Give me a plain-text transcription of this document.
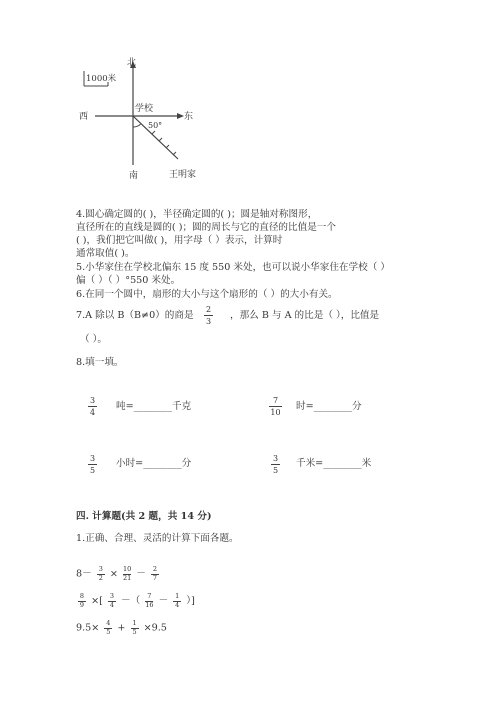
1000米
北
西	东
南
学校
50°
王明家
4.圆心确定圆的( )，半径确定圆的( )；圆是轴对称图形，
直径所在的直线是圆的( )；圆的周长与它的直径的比值是一个
( )，我们把它叫做( )，用字母（ ）表示，计算时
通常取值( )。
5.小华家住在学校北偏东 15 度 550 米处，也可以说小华家住在学校（ ）
偏（ ）（ ）°550 米处。
6.在同一个圆中，扇形的大小与这个扇形的（ ）的大小有关。
7.A 除以 B（B≠0）的商是
2
3
，那么 B 与 A 的比是（ ），比值是
（ ）。
8.填一填。
3
4
吨=________千克
7
10
时=________分
3
5
小时=________分	3
5
千米=________米
四. 计算题(共 2 题，共 14 分)
1.正确、合理、灵活的计算下面各题。
$8- \frac{3}{2} \times \frac{10}{21} - \frac{2}{7}$
$\frac{8}{9}$ ×[ $\frac{3}{4}$ －（ $\frac{7}{16} - \frac{1}{4}$ ）]
$9.5\times \frac{4}{5} + \frac{1}{5} \times 9.5$
